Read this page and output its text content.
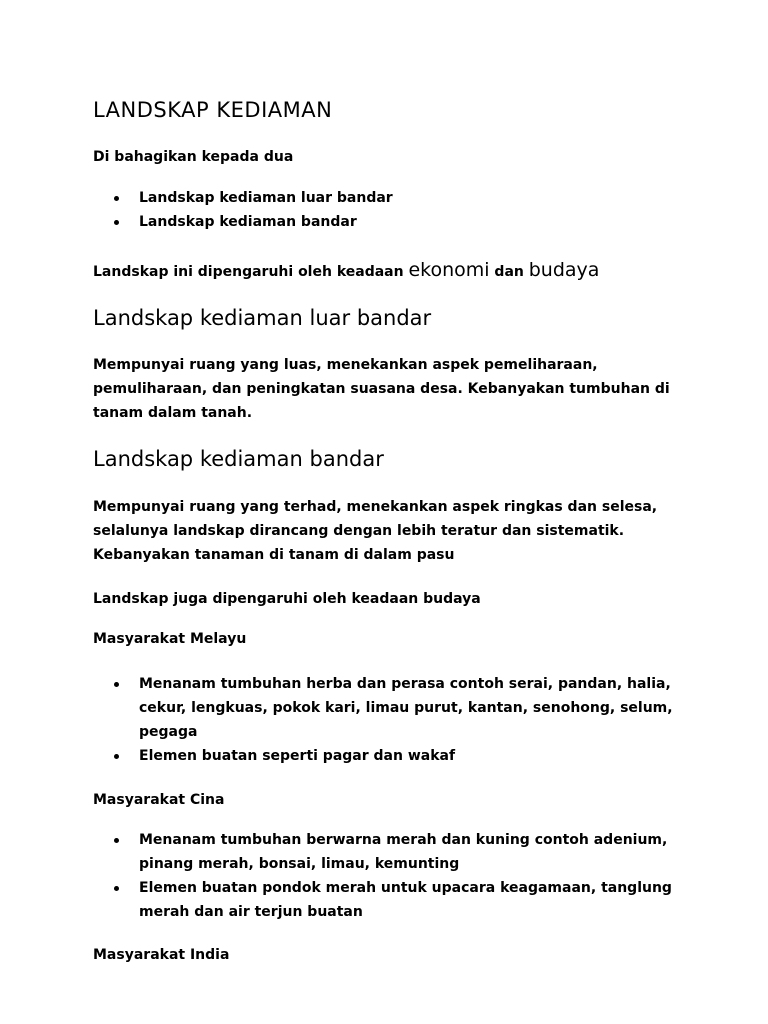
LANDSKAP KEDIAMAN

Di bahagikan kepada dua

Landskap kediaman luar bandar
Landskap kediaman bandar

Landskap ini dipengaruhi oleh keadaan ekonomi dan budaya

Landskap kediaman luar bandar

Mempunyai ruang yang luas, menekankan aspek pemeliharaan, pemuliharaan, dan peningkatan suasana desa. Kebanyakan tumbuhan di tanam dalam tanah.

Landskap kediaman bandar

Mempunyai ruang yang terhad, menekankan aspek ringkas dan selesa, selalunya landskap dirancang dengan lebih teratur dan sistematik. Kebanyakan tanaman di tanam di dalam pasu

Landskap juga dipengaruhi oleh keadaan budaya

Masyarakat Melayu

Menanam tumbuhan herba dan perasa contoh serai, pandan, halia, cekur, lengkuas, pokok kari, limau purut, kantan, senohong, selum, pegaga
Elemen buatan seperti pagar dan wakaf

Masyarakat Cina

Menanam tumbuhan berwarna merah dan kuning contoh adenium, pinang merah, bonsai, limau, kemunting
Elemen buatan pondok merah untuk upacara keagamaan, tanglung merah dan air terjun buatan

Masyarakat India
